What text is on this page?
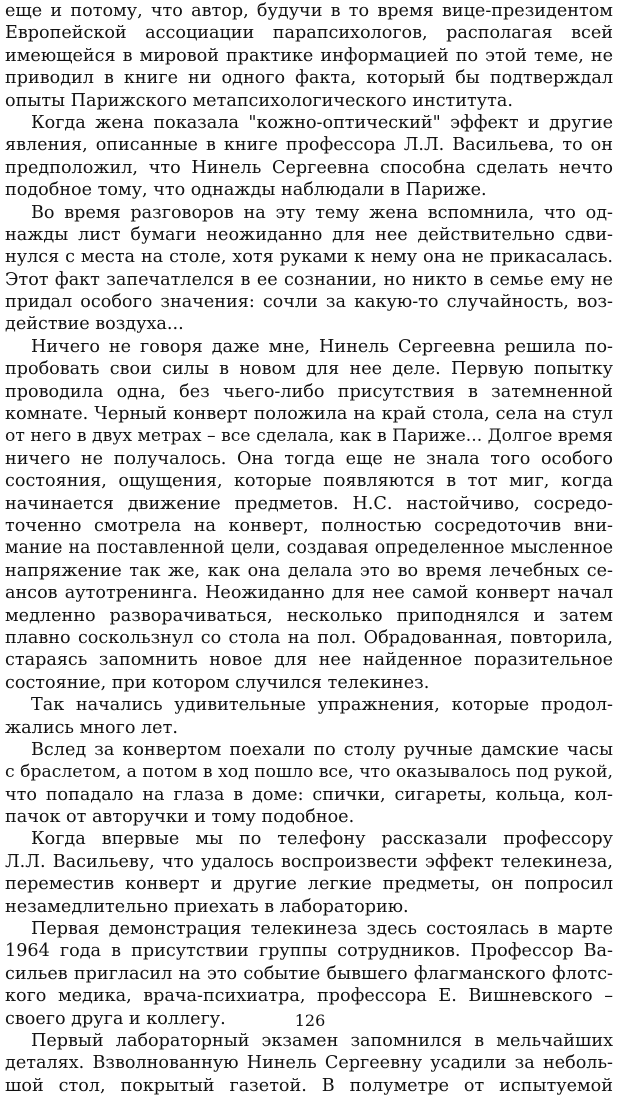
еще и потому, что автор, будучи в то время вице-президентом
Европейской ассоциации парапсихологов, располагая всей
имеющейся в мировой практике информацией по этой теме, не
приводил в книге ни одного факта, который бы подтверждал
опыты Парижского метапсихологического института.
Когда жена показала "кожно-оптический" эффект и другие
явления, описанные в книге профессора Л.Л. Васильева, то он
предположил, что Нинель Сергеевна способна сделать нечто
подобное тому, что однажды наблюдали в Париже.
Во время разговоров на эту тему жена вспомнила, что од-
нажды лист бумаги неожиданно для нее действительно сдви-
нулся с места на столе, хотя руками к нему она не прикасалась.
Этот факт запечатлелся в ее сознании, но никто в семье ему не
придал особого значения: сочли за какую-то случайность, воз-
действие воздуха...
Ничего не говоря даже мне, Нинель Сергеевна решила по-
пробовать свои силы в новом для нее деле. Первую попытку
проводила одна, без чьего-либо присутствия в затемненной
комнате. Черный конверт положила на край стола, села на стул
от него в двух метрах – все сделала, как в Париже... Долгое время
ничего не получалось. Она тогда еще не знала того особого
состояния, ощущения, которые появляются в тот миг, когда
начинается движение предметов. Н.С. настойчиво, сосредо-
точенно смотрела на конверт, полностью сосредоточив вни-
мание на поставленной цели, создавая определенное мысленное
напряжение так же, как она делала это во время лечебных се-
ансов аутотренинга. Неожиданно для нее самой конверт начал
медленно разворачиваться, несколько приподнялся и затем
плавно соскользнул со стола на пол. Обрадованная, повторила,
стараясь запомнить новое для нее найденное поразительное
состояние, при котором случился телекинез.
Так начались удивительные упражнения, которые продол-
жались много лет.
Вслед за конвертом поехали по столу ручные дамские часы
с браслетом, а потом в ход пошло все, что оказывалось под рукой,
что попадало на глаза в доме: спички, сигареты, кольца, кол-
пачок от авторучки и тому подобное.
Когда впервые мы по телефону рассказали профессору
Л.Л. Васильеву, что удалось воспроизвести эффект телекинеза,
переместив конверт и другие легкие предметы, он попросил
незамедлительно приехать в лабораторию.
Первая демонстрация телекинеза здесь состоялась в марте
1964 года в присутствии группы сотрудников. Профессор Ва-
сильев пригласил на это событие бывшего флагманского флотс-
кого медика, врача-психиатра, профессора Е. Вишневского –
своего друга и коллегу.
Первый лабораторный экзамен запомнился в мельчайших
деталях. Взволнованную Нинель Сергеевну усадили за неболь-
шой стол, покрытый газетой. В полуметре от испытуемой
126
